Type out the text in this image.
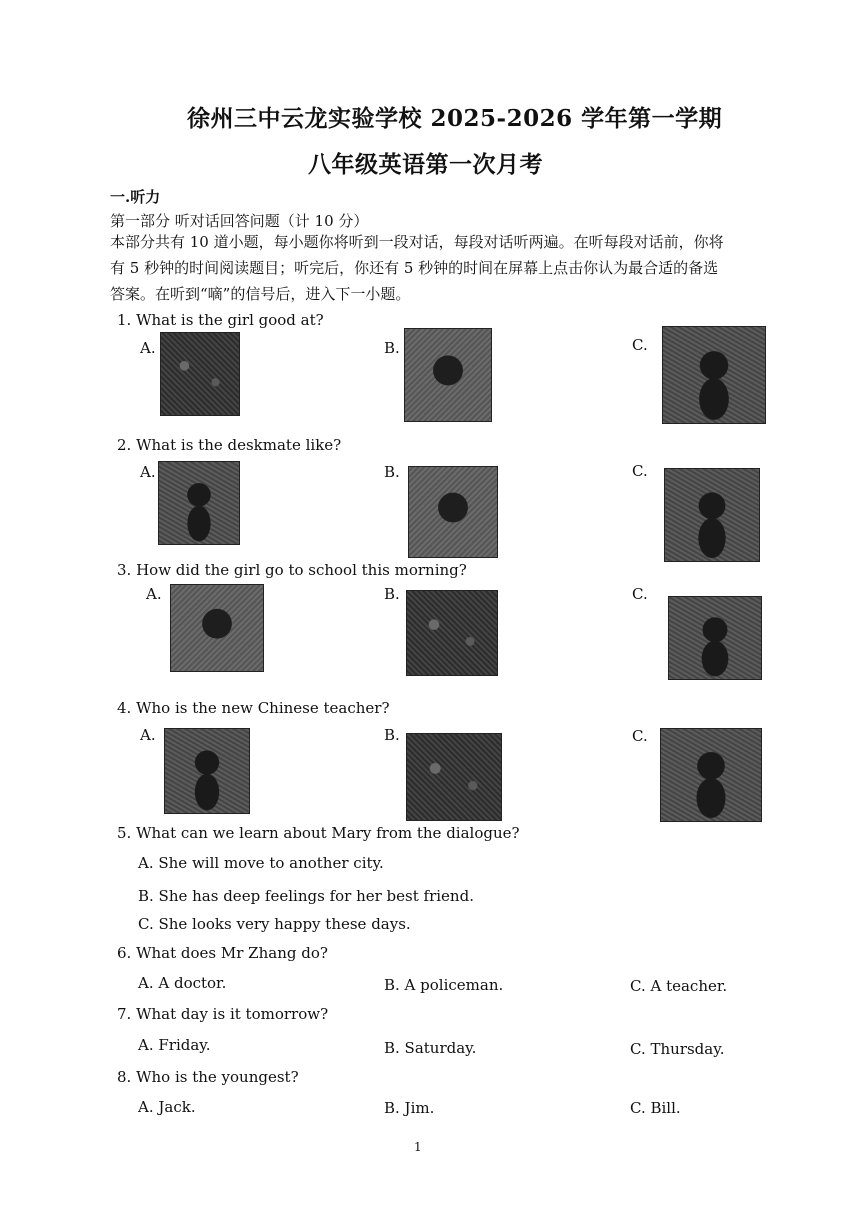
徐州三中云龙实验学校 2025-2026 学年第一学期
八年级英语第一次月考
一.听力
第一部分 听对话回答问题（计 10 分）
本部分共有 10 道小题，每小题你将听到一段对话，每段对话听两遍。在听每段对话前，你将有 5 秒钟的时间阅读题目；听完后，你还有 5 秒钟的时间在屏幕上点击你认为最合适的备选答案。在听到“嘀”的信号后，进入下一小题。
1. What is the girl good at?
A.	B.	C.
2. What is the deskmate like?
A.	B.	C.
3. How did the girl go to school this morning?
A.	B.	C.
4. Who is the new Chinese teacher?
A.	B.	C.
5. What can we learn about Mary from the dialogue?
A. She will move to another city.
B. She has deep feelings for her best friend.
C. She looks very happy these days.
6. What does Mr Zhang do?
A. A doctor.	B. A policeman.	C. A teacher.
7. What day is it tomorrow?
A. Friday.	B. Saturday.	C. Thursday.
8. Who is the youngest?
A. Jack.	B. Jim.	C. Bill.
1
